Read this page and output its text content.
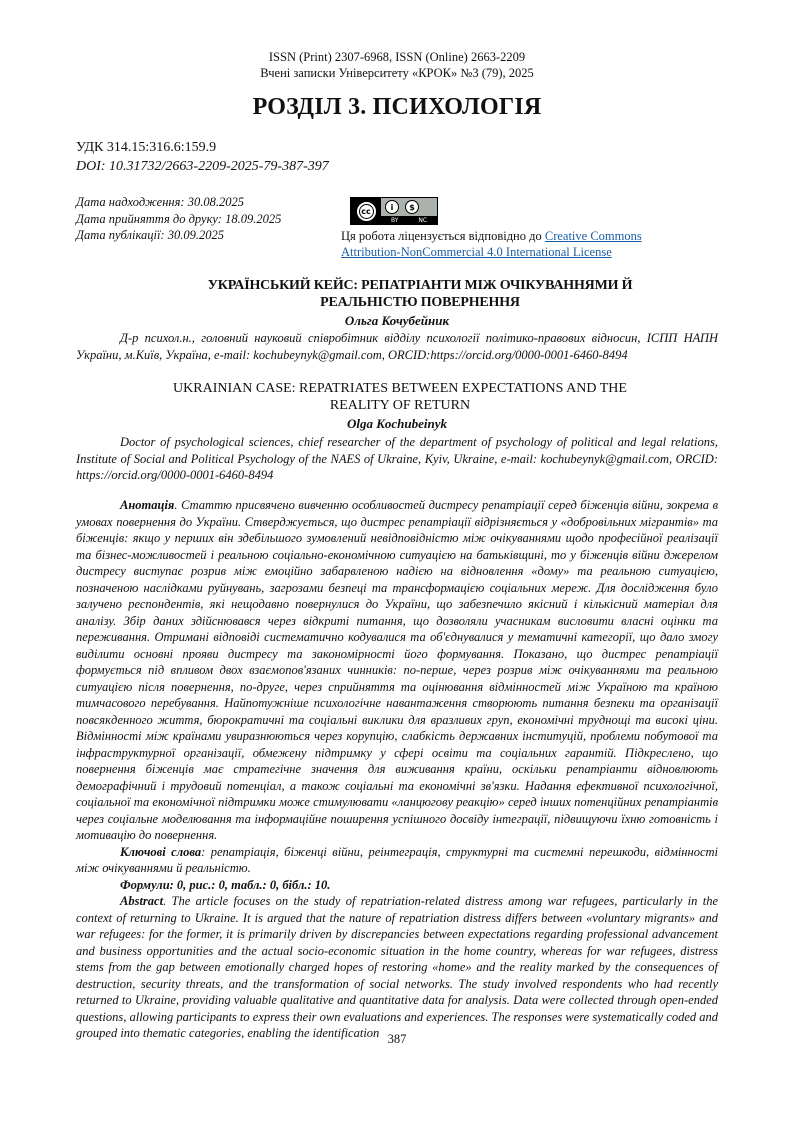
ISSN (Print) 2307-6968, ISSN (Online) 2663-2209
Вчені записки Університету «КРОК» №3 (79), 2025
РОЗДІЛ 3. ПСИХОЛОГІЯ
УДК 314.15:316.6:159.9
DOI: 10.31732/2663-2209-2025-79-387-397
Дата надходження: 30.08.2025
Дата прийняття до друку: 18.09.2025
Дата публікації: 30.09.2025
cc	i	$
BY	NC
Ця робота ліцензується відповідно до Creative Commons
Attribution-NonCommercial 4.0 International License
УКРАЇНСЬКИЙ КЕЙС: РЕПАТРІАНТИ МІЖ ОЧІКУВАННЯМИ Й
РЕАЛЬНІСТЮ ПОВЕРНЕННЯ
Ольга Кочубейник
Д-р психол.н., головний науковий співробітник відділу психології політико-правових відносин, ІСПП НАПН України, м.Київ, Україна, e-mail: kochubeynyk@gmail.com, ORCID:https://orcid.org/0000-0001-6460-8494
UKRAINIAN CASE: REPATRIATES BETWEEN EXPECTATIONS AND THE
REALITY OF RETURN
Olga Kochubeinyk
Doctor of psychological sciences, chief researcher of the department of psychology of political and legal relations, Institute of Social and Political Psychology of the NAES of Ukraine, Kyiv, Ukraine, e-mail: kochubeynyk@gmail.com, ORCID: https://orcid.org/0000-0001-6460-8494
Анотація. Статтю присвячено вивченню особливостей дистресу репатріації серед біженців війни, зокрема в умовах повернення до України. Стверджується, що дистрес репатріації відрізняється у «добровільних мігрантів» та біженців: якщо у перших він здебільшого зумовлений невідповідністю між очікуваннями щодо професійної реалізації та бізнес-можливостей і реальною соціально-економічною ситуацією на батьківщині, то у біженців війни джерелом дистресу виступає розрив між емоційно забарвленою надією на відновлення «дому» та реальною ситуацією, позначеною наслідками руйнувань, загрозами безпеці та трансформацією соціальних мереж. Для дослідження було залучено респондентів, які нещодавно повернулися до України, що забезпечило якісний і кількісний матеріал для аналізу. Збір даних здійснювався через відкриті питання, що дозволяли учасникам висловити власні оцінки та переживання. Отримані відповіді систематично кодувалися та об'єднувалися у тематичні категорії, що дало змогу виділити основні прояви дистресу та закономірності його формування. Показано, що дистрес репатріації формується під впливом двох взаємопов'язаних чинників: по-перше, через розрив між очікуваннями та реальною ситуацією після повернення, по-друге, через сприйняття та оцінювання відмінностей між Україною та країною тимчасового перебування. Найпотужніше психологічне навантаження створюють питання безпеки та організації повсякденного життя, бюрократичні та соціальні виклики для вразливих груп, економічні труднощі та високі ціни. Відмінності між країнами увиразнюються через корупцію, слабкість державних інституцій, проблеми побутової та інфраструктурної організації, обмежену підтримку у сфері освіти та соціальних гарантій. Підкреслено, що повернення біженців має стратегічне значення для виживання країни, оскільки репатріанти відновлюють демографічний і трудовий потенціал, а також соціальні та економічні зв'язки. Надання ефективної психологічної, соціальної та економічної підтримки може стимулювати «ланцюгову реакцію» серед інших потенційних репатріантів через соціальне моделювання та інформаційне поширення успішного досвіду інтеграції, підвищуючи їхню готовність і мотивацію до повернення.
Ключові слова: репатріація, біженці війни, реінтеграція, структурні та системні перешкоди, відмінності між очікуваннями й реальністю.
Формули: 0, рис.: 0, табл.: 0, бібл.: 10.
Abstract. The article focuses on the study of repatriation-related distress among war refugees, particularly in the context of returning to Ukraine. It is argued that the nature of repatriation distress differs between «voluntary migrants» and war refugees: for the former, it is primarily driven by discrepancies between expectations regarding professional advancement and business opportunities and the actual socio-economic situation in the home country, whereas for war refugees, distress stems from the gap between emotionally charged hopes of restoring «home» and the reality marked by the consequences of destruction, security threats, and the transformation of social networks. The study involved respondents who had recently returned to Ukraine, providing valuable qualitative and quantitative data for analysis. Data were collected through open-ended questions, allowing participants to express their own evaluations and experiences. The responses were systematically coded and grouped into thematic categories, enabling the identification 387
